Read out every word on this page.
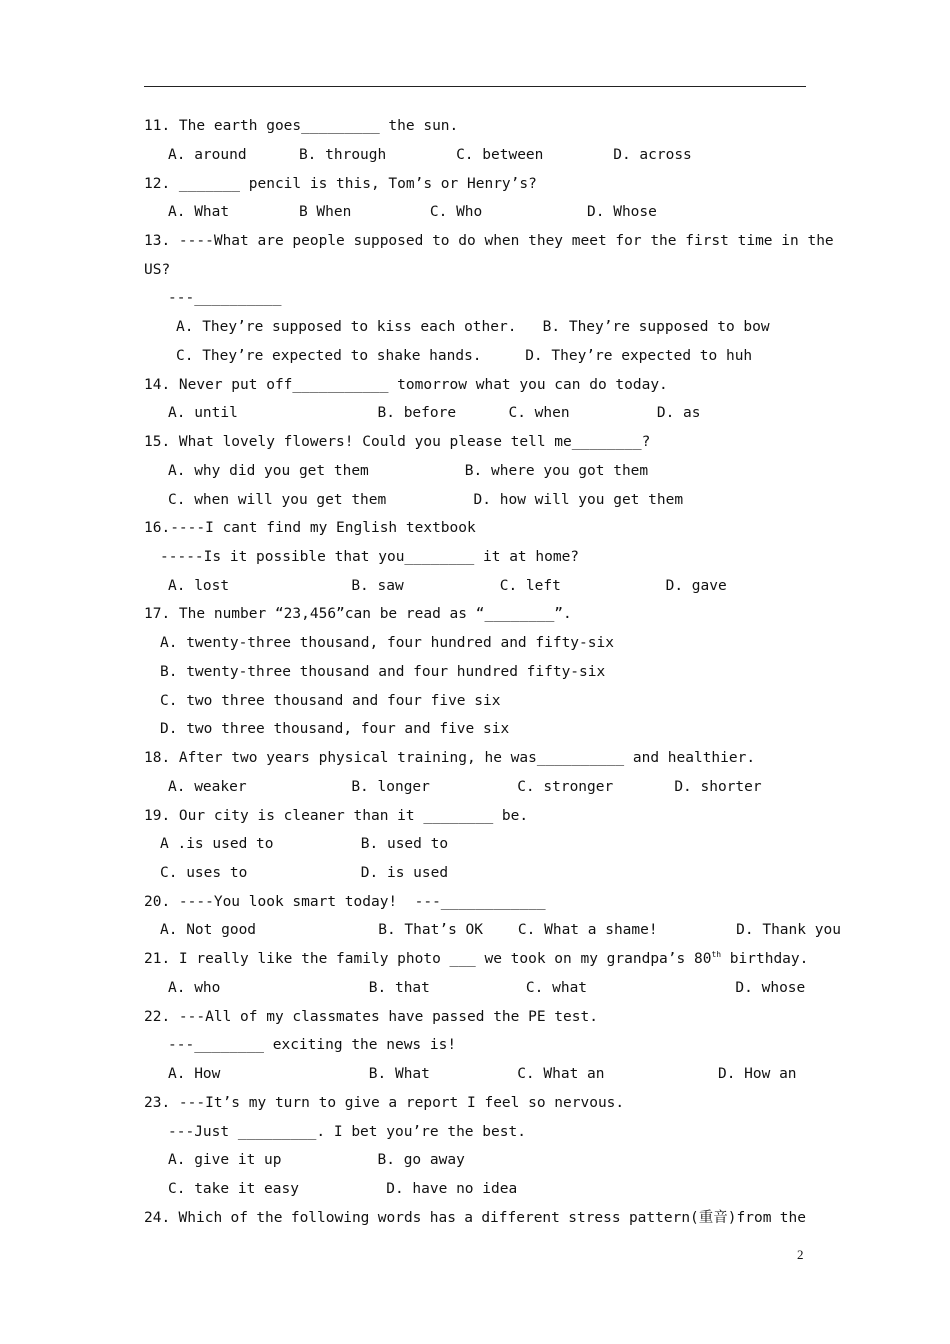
11. The earth goes_________ the sun.
A. around      B. through        C. between        D. across
12. _______ pencil is this, Tom’s or Henry’s?
A. What        B When         C. Who            D. Whose
13. ----What are people supposed to do when they meet for the first time in the
US?
---__________
A. They’re supposed to kiss each other.   B. They’re supposed to bow
C. They’re expected to shake hands.     D. They’re expected to huh
14. Never put off___________ tomorrow what you can do today.
A. until                B. before      C. when          D. as
15. What lovely flowers! Could you please tell me________?
A. why did you get them           B. where you got them
C. when will you get them          D. how will you get them
16.----I cant find my English textbook
-----Is it possible that you________ it at home?
A. lost              B. saw           C. left            D. gave
17. The number “23,456”can be read as “________”.
A. twenty-three thousand, four hundred and fifty-six
B. twenty-three thousand and four hundred fifty-six
C. two three thousand and four five six
D. two three thousand, four and five six
18. After two years physical training, he was__________ and healthier.
A. weaker            B. longer          C. stronger       D. shorter
19. Our city is cleaner than it ________ be.
A .is used to          B. used to
C. uses to             D. is used
20. ----You look smart today!  ---____________
A. Not good              B. That’s OK    C. What a shame!         D. Thank you
21. I really like the family photo ___ we took on my grandpa’s 80th birthday.
A. who                 B. that           C. what                 D. whose
22. ---All of my classmates have passed the PE test.
---________ exciting the news is!
A. How                 B. What          C. What an             D. How an
23. ---It’s my turn to give a report I feel so nervous.
---Just _________. I bet you’re the best.
A. give it up           B. go away
C. take it easy          D. have no idea
24. Which of the following words has a different stress pattern(重音)from the
2
